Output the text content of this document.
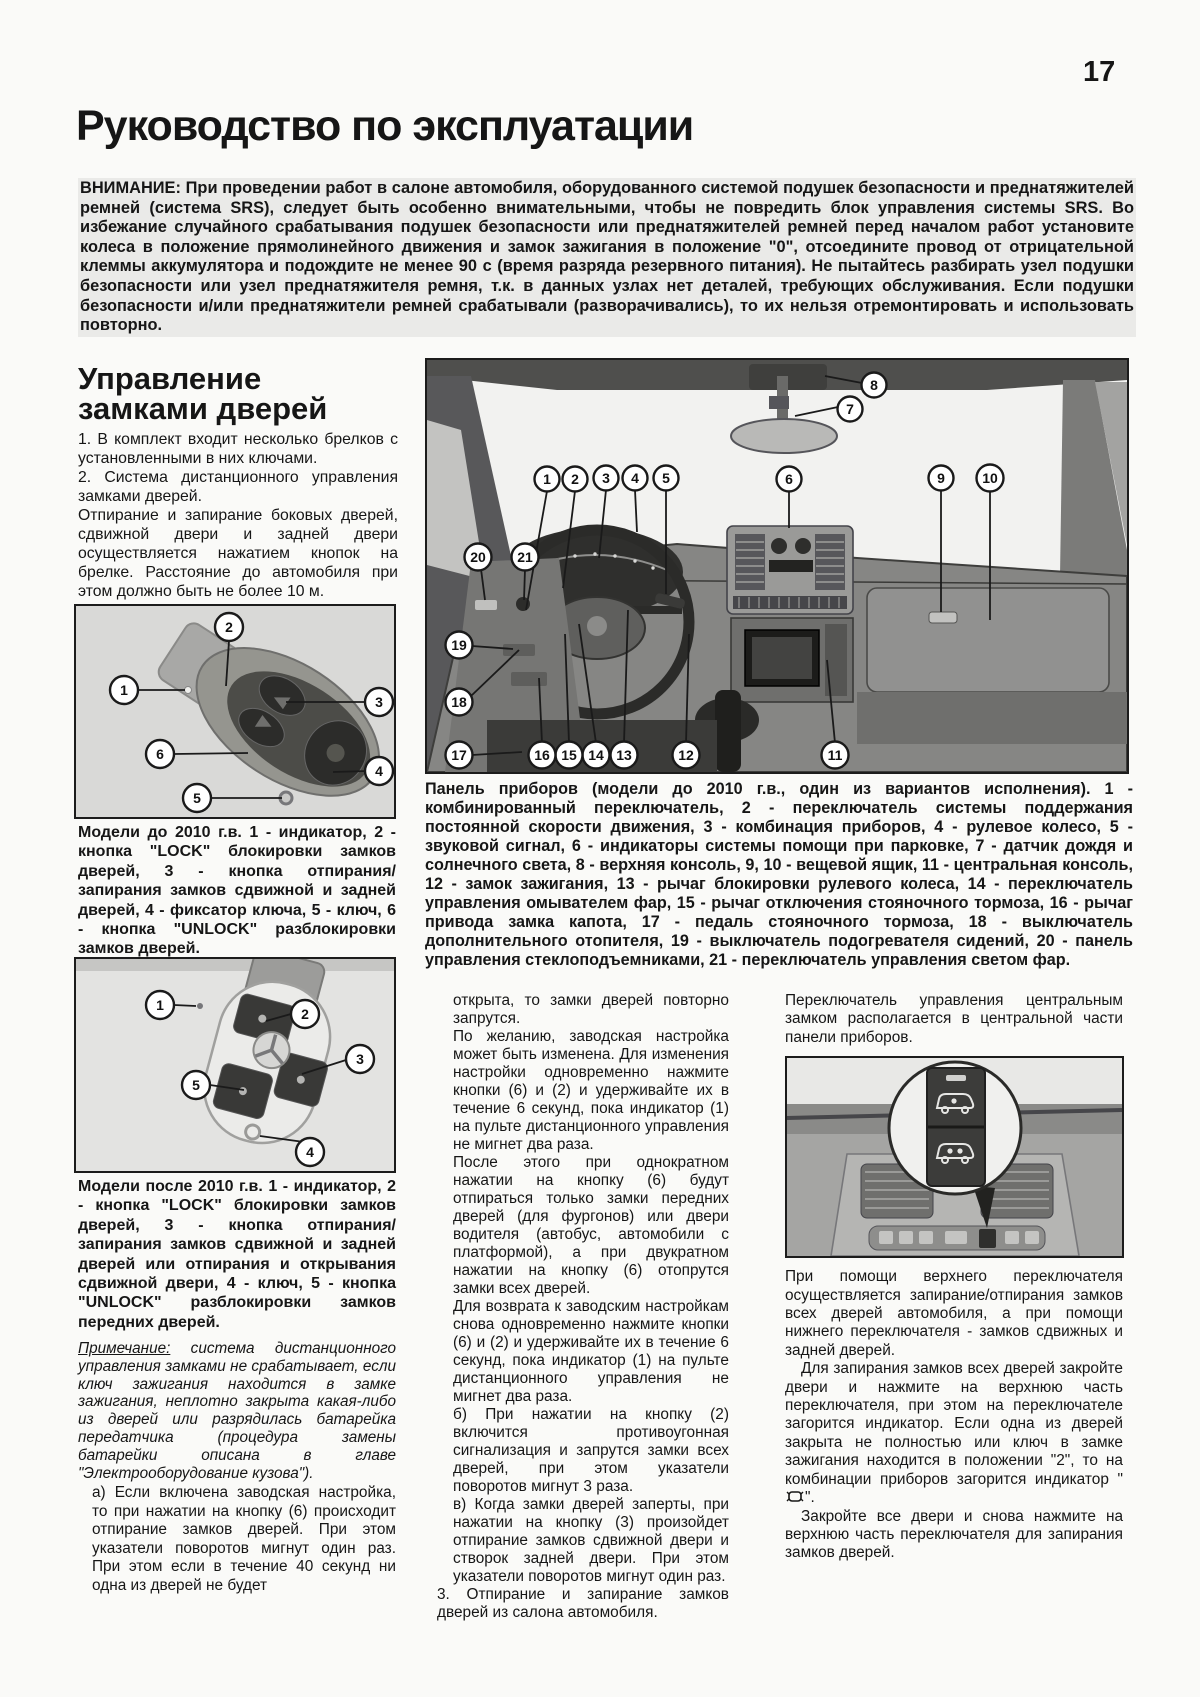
17
Руководство по эксплуатации
ВНИМАНИЕ: При проведении работ в салоне автомобиля, оборудованного системой подушек безопасности и преднатяжителей ремней (система SRS), следует быть особенно внимательными, чтобы не повредить блок управления системы SRS. Во избежание случайного срабатывания подушек безопасности или преднатяжителей ремней перед началом работ установите колеса в положение прямолинейного движения и замок зажигания в положение "0", отсоедините провод от отрицательной клеммы аккумулятора и подождите не менее 90 с (время разряда резервного питания). Не пытайтесь разбирать узел подушки безопасности или узел преднатяжителя ремня, т.к. в данных узлах нет деталей, требующих обслуживания. Если подушки безопасности и/или преднатяжители ремней срабатывали (разворачивались), то их нельзя отремонтировать и использовать повторно.
Управление
замками дверей

1. В комплект входит несколько брелков с установленными в них ключами.

2. Система дистанционного управления замками дверей.

Отпирание и запирание боковых дверей, сдвижной двери и задней двери осуществляется нажатием кнопок на брелке. Расстояние до автомобиля при этом должно быть не более 10 м.

1
2
3
6
4
5
Модели до 2010 г.в. 1 - индикатор, 2 - кнопка "LOCK" блокировки замков дверей, 3 - кнопка отпирания/запирания замков сдвижной и задней дверей, 4 - фиксатор ключа, 5 - ключ, 6 - кнопка "UNLOCK" разблокировки замков дверей.
1
2
3
5
4
Модели после 2010 г.в. 1 - индикатор, 2 - кнопка "LOCK" блокировки замков дверей, 3 - кнопка отпирания/ запирания замков сдвижной и задней дверей или отпирания и открывания сдвижной двери, 4 - ключ, 5 - кнопка "UNLOCK" разблокировки замков передних дверей.
Примечание: система дистанционного управления замками не срабатывает, если ключ зажигания находится в замке зажигания, неплотно закрыта какая-либо из дверей или разрядилась батарейка передатчика (процедура замены батарейки описана в главе "Электрооборудование кузова").
а) Если включена заводская настройка, то при нажатии на кнопку (6) происходит отпирание замков дверей. При этом указатели поворотов мигнут один раз. При этом если в течение 40 секунд ни одна из дверей не будет
1 2 3 4 5	6
7
8
9	10
11
12
13
14
15
16
17
18
19
20 21
Панель приборов (модели до 2010 г.в., один из вариантов исполнения). 1 - комбинированный переключатель, 2 - переключатель системы поддержания постоянной скорости движения, 3 - комбинация приборов, 4 - рулевое колесо, 5 - звуковой сигнал, 6 - индикаторы системы помощи при парковке, 7 - датчик дождя и солнечного света, 8 - верхняя консоль, 9, 10 - вещевой ящик, 11 - центральная консоль, 12 - замок зажигания, 13 - рычаг блокировки рулевого колеса, 14 - переключатель управления омывателем фар, 15 - рычаг отключения стояночного тормоза, 16 - рычаг привода замка капота, 17 - педаль стояночного тормоза, 18 - выключатель дополнительного отопителя, 19 - выключатель подогревателя сидений, 20 - панель управления стеклоподъемниками, 21 - переключатель управления светом фар.

открыта, то замки дверей повторно запрутся.

По желанию, заводская настройка может быть изменена. Для изменения настройки одновременно нажмите кнопки (6) и (2) и удерживайте их в течение 6 секунд, пока индикатор (1) на пульте дистанционного управления не мигнет два раза.

После этого при однократном нажатии на кнопку (6) будут отпираться только замки передних дверей (для фургонов) или двери водителя (автобус, автомобили с платформой), а при двукратном нажатии на кнопку (6) отопрутся замки всех дверей.

Для возврата к заводским настройкам снова одновременно нажмите кнопки (6) и (2) и удерживайте их в течение 6 секунд, пока индикатор (1) на пульте дистанционного управления не мигнет два раза.

б) При нажатии на кнопку (2) включится противоугонная сигнализация и запрутся замки всех дверей, при этом указатели поворотов мигнут 3 раза.

в) Когда замки дверей заперты, при нажатии на кнопку (3) произойдет отпирание замков сдвижной двери и створок задней двери. При этом указатели поворотов мигнут один раз.

3. Отпирание и запирание замков дверей из салона автомобиля.

Переключатель управления центральным замком располагается в центральной части панели приборов.

При помощи верхнего переключателя осуществляется запирание/отпирания замков всех дверей автомобиля, а при помощи нижнего переключателя - замков сдвижных и задней дверей.

Для запирания замков всех дверей закройте двери и нажмите на верхнюю часть переключателя, при этом на переключателе загорится индикатор. Если одна из дверей закрыта не полностью или ключ в замке зажигания находится в положении "2", то на комбинации приборов загорится индикатор "
".

Закройте все двери и снова нажмите на верхнюю часть переключателя для запирания замков дверей.
